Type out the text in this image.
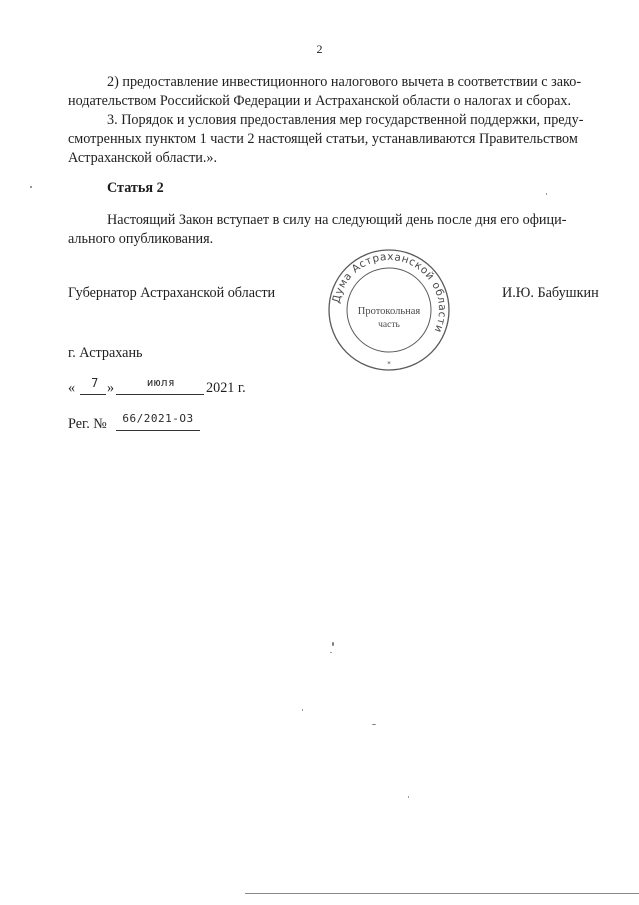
2
2) предоставление инвестиционного налогового вычета в соответствии с зако-
нодательством Российской Федерации и Астраханской области о налогах и сборах.
3. Порядок и условия предоставления мер государственной поддержки, преду-
смотренных пунктом 1 части 2 настоящей статьи, устанавливаются Правительством
Астраханской области.».
Статья 2
Настоящий Закон вступает в силу на следующий день после дня его офици-
ального опубликования.
Губернатор Астраханской области	И.Ю. Бабушкин
Дума Астраханской области
Протокольная
часть
*
г. Астрахань
«	7 »	июля	2021 г.
Рег. №	66/2021-ОЗ
